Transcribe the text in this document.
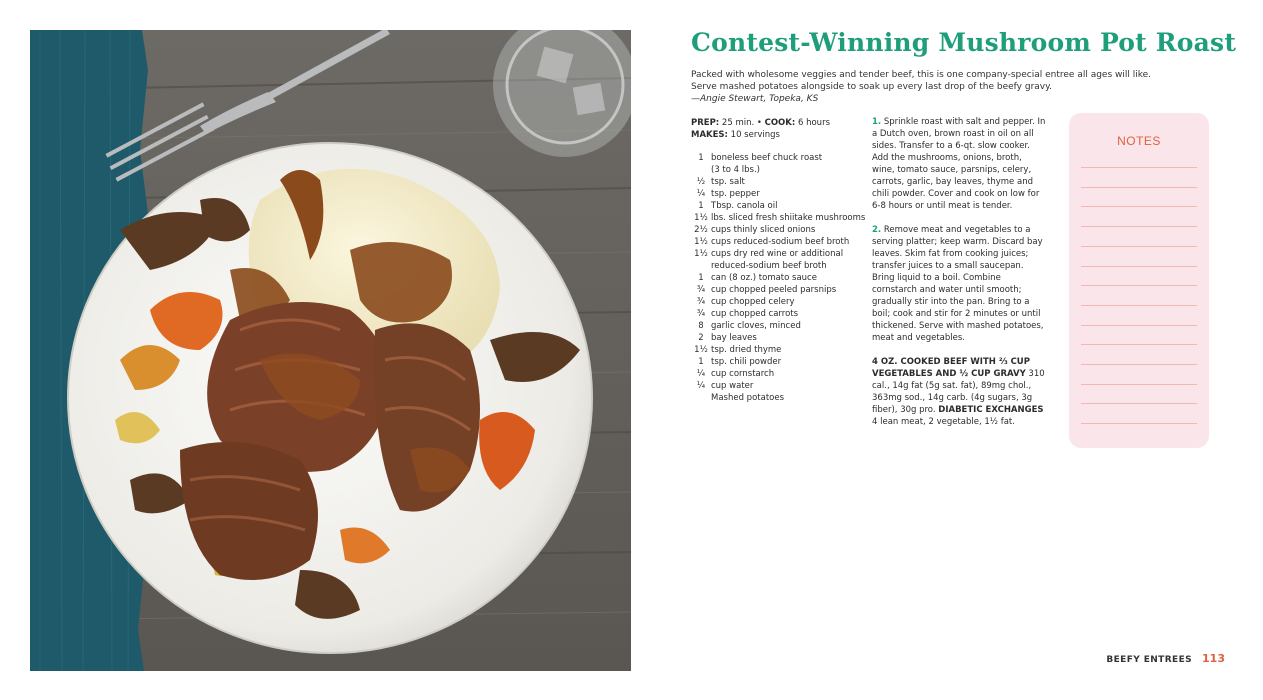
Contest-Winning Mushroom Pot Roast
Packed with wholesome veggies and tender beef, this is one company-special entree all ages will like. Serve mashed potatoes alongside to soak up every last drop of the beefy gravy.
—Angie Stewart, Topeka, KS
PREP: 25 min. • COOK: 6 hours
MAKES: 10 servings
1 boneless beef chuck roast
(3 to 4 lbs.)
½ tsp. salt
¼ tsp. pepper
1 Tbsp. canola oil
1½ lbs. sliced fresh shiitake mushrooms
2½ cups thinly sliced onions
1½ cups reduced-sodium beef broth
1½ cups dry red wine or additional
reduced-sodium beef broth
1 can (8 oz.) tomato sauce
¾ cup chopped peeled parsnips
¾ cup chopped celery
¾ cup chopped carrots
8 garlic cloves, minced
2 bay leaves
1½ tsp. dried thyme
1 tsp. chili powder
¼ cup cornstarch
¼ cup water
Mashed potatoes

1. Sprinkle roast with salt and pepper. In a Dutch oven, brown roast in oil on all sides. Transfer to a 6-qt. slow cooker. Add the mushrooms, onions, broth, wine, tomato sauce, parsnips, celery, carrots, garlic, bay leaves, thyme and chili powder. Cover and cook on low for 6-8 hours or until meat is tender.

2. Remove meat and vegetables to a serving platter; keep warm. Discard bay leaves. Skim fat from cooking juices; transfer juices to a small saucepan. Bring liquid to a boil. Combine cornstarch and water until smooth; gradually stir into the pan. Bring to a boil; cook and stir for 2 minutes or until thickened. Serve with mashed potatoes, meat and vegetables.

4 OZ. COOKED BEEF WITH ⅔ CUP VEGETABLES AND ½ CUP GRAVY 310 cal., 14g fat (5g sat. fat), 89mg chol., 363mg sod., 14g carb. (4g sugars, 3g fiber), 30g pro. DIABETIC EXCHANGES 4 lean meat, 2 vegetable, 1½ fat.

NOTES
BEEFY ENTREES 113
